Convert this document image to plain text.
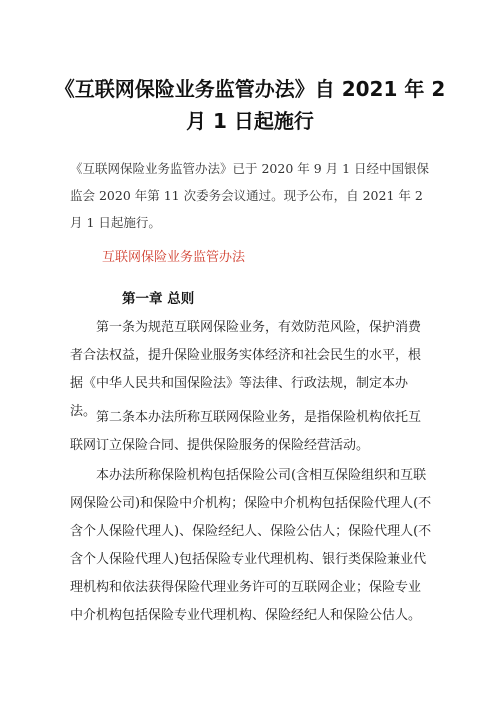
《互联网保险业务监管办法》自 2021 年 2
月 1 日起施行

《互联网保险业务监管办法》已于 2020 年 9 月 1 日经中国银保监会 2020 年第 11 次委务会议通过。现予公布，自 2021 年 2 月 1 日起施行。

互联网保险业务监管办法

第一章 总则

第一条为规范互联网保险业务，有效防范风险，保护消费者合法权益，提升保险业服务实体经济和社会民生的水平，根据《中华人民共和国保险法》等法律、行政法规，制定本办法。 第二条本办法所称互联网保险业务，是指保险机构依托互联网订立保险合同、提供保险服务的保险经营活动。

本办法所称保险机构包括保险公司(含相互保险组织和互联网保险公司)和保险中介机构；保险中介机构包括保险代理人(不含个人保险代理人)、保险经纪人、保险公估人；保险代理人(不含个人保险代理人)包括保险专业代理机构、银行类保险兼业代理机构和依法获得保险代理业务许可的互联网企业；保险专业中介机构包括保险专业代理机构、保险经纪人和保险公估人。
